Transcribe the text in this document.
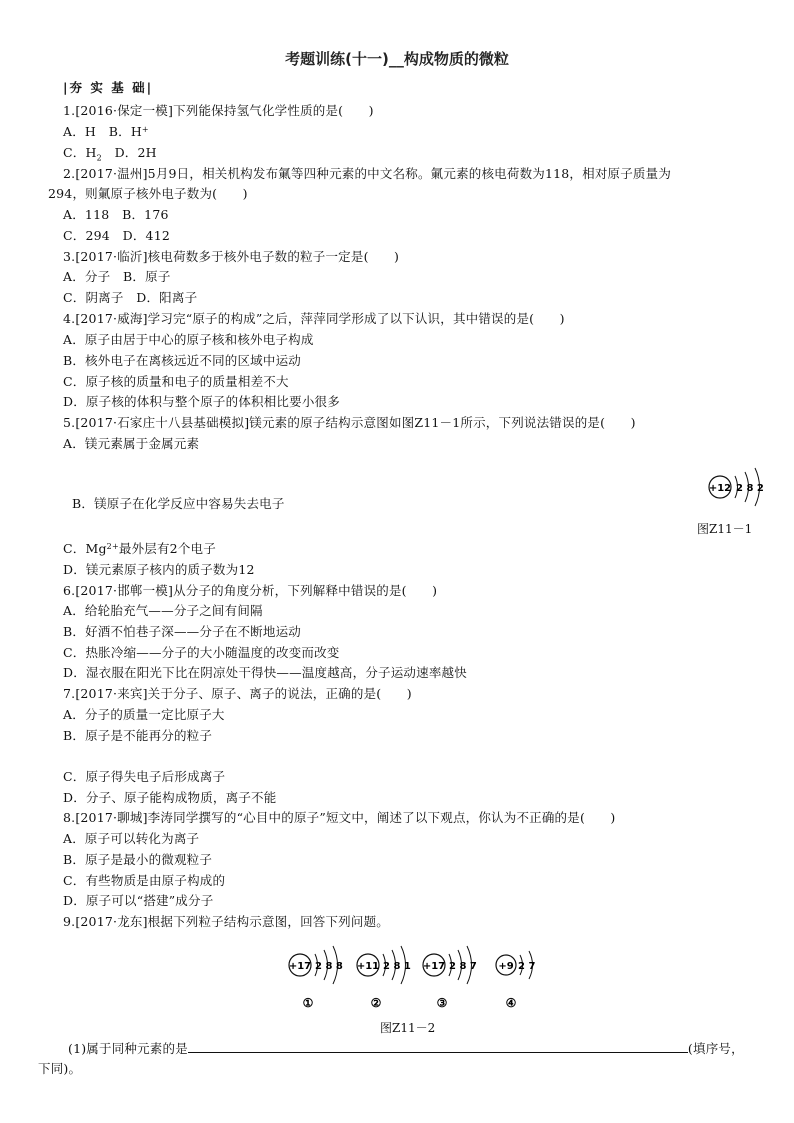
考题训练(十一)__构成物质的微粒
|夯 实 基 础|
1.[2016·保定一模]下列能保持氢气化学性质的是(　　)
A．H　B．H+
C．$H_2$　D．2H
2.[2017·温州]5月9日，相关机构发布氭等四种元素的中文名称。氭元素的核电荷数为118，相对原子质量为
294，则氭原子核外电子数为(　　)
A．118　B．176
C．294　D．412
3.[2017·临沂]核电荷数多于核外电子数的粒子一定是(　　)
A．分子　B．原子
C．阴离子　D．阳离子
4.[2017·威海]学习完“原子的构成”之后，萍萍同学形成了以下认识，其中错误的是(　　)
A．原子由居于中心的原子核和核外电子构成
B．核外电子在离核远近不同的区域中运动
C．原子核的质量和电子的质量相差不大
D．原子核的体积与整个原子的体积相比要小很多
5.[2017·石家庄十八县基础模拟]镁元素的原子结构示意图如图Z11－1所示，下列说法错误的是(　　)
A．镁元素属于金属元素
+12 2 8 2
B．镁原子在化学反应中容易失去电子
图Z11－1
C．$Mg^{2+}$最外层有2个电子
D．镁元素原子核内的质子数为12
6.[2017·邯郸一模]从分子的角度分析，下列解释中错误的是(　　)
A．给轮胎充气——分子之间有间隔
B．好酒不怕巷子深——分子在不断地运动
C．热胀冷缩——分子的大小随温度的改变而改变
D．湿衣服在阳光下比在阴凉处干得快——温度越高，分子运动速率越快
7.[2017·来宾]关于分子、原子、离子的说法，正确的是(　　)
A．分子的质量一定比原子大
B．原子是不能再分的粒子
C．原子得失电子后形成离子
D．分子、原子能构成物质，离子不能
8.[2017·聊城]李涛同学撰写的“心目中的原子”短文中，阐述了以下观点，你认为不正确的是(　　)
A．原子可以转化为离子
B．原子是最小的微观粒子
C．有些物质是由原子构成的
D．原子可以“搭建”成分子
9.[2017·龙东]根据下列粒子结构示意图，回答下列问题。
+17 2 8 8
①
+11 2 8 1
②
+17 2 8 7
③
+9 2 7
④
图Z11－2
(1)属于同种元素的是	(填序号，
下同)。
